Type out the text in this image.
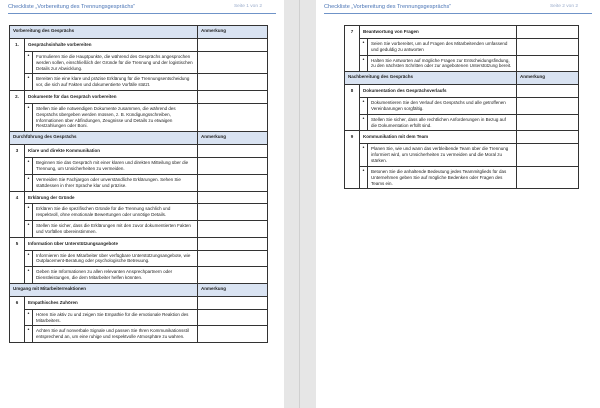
Checkliste „Vorbereitung des Trennungsgesprächs“	Seite 1 von 2
Vorbereitung des Gesprächs			Anmerkung
1.	Gesprächsinhalte vorbereiten		
	•	Formulieren Sie die Hauptpunkte, die während des Gesprächs angesprochen werden sollen, einschließlich der Gründe für die Trennung und der logistischen Details zur Abwicklung.	
	•	Bereiten Sie eine klare und präzise Erklärung für die Trennungsentscheidung vor, die sich auf Fakten und dokumentierte Vorfälle stützt.	
2.	Dokumente für das Gespräch vorbereiten		
	•	Stellen Sie alle notwendigen Dokumente zusammen, die während des Gesprächs übergeben werden müssen, z. B. Kündigungsschreiben, Informationen über Abfindungen, Zeugnisse und Details zu etwaigen Restzahlungen oder Boni.	
Durchführung des Gesprächs			Anmerkung
3	Klare und direkte Kommunikation		
	•	Beginnen Sie das Gespräch mit einer klaren und direkten Mitteilung über die Trennung, um Unsicherheiten zu vermeiden.	
	•	Vermeiden Sie Fachjargon oder unverständliche Erklärungen. Sehen Sie stattdessen in Ihrer Sprache klar und präzise.	
4	Erklärung der Gründe		
	•	Erklären Sie die spezifischen Gründe für die Trennung sachlich und respektvoll, ohne emotionale Bewertungen oder unnötige Details.	
	•	Stellen Sie sicher, dass die Erklärungen mit den zuvor dokumentierten Fakten und Vorfällen übereinstimmen.	
5	Information über Unterstützungsangebote		
	•	Informieren Sie den Mitarbeiter über verfügbare Unterstützungsangebote, wie Outplacement-Beratung oder psychologische Betreuung.	
	•	Geben Sie Informationen zu allen relevanten Ansprechpartnern oder Dienstleistungen, die dem Mitarbeiter helfen könnten.	
Umgang mit Mitarbeiterreaktionen			Anmerkung
6	Empathisches Zuhören		
	•	Hören Sie aktiv zu und zeigen Sie Empathie für die emotionale Reaktion des Mitarbeiters.	
	•	Achten Sie auf nonverbale Signale und passen Sie Ihren Kommunikationsstil entsprechend an, um eine ruhige und respektvolle Atmosphäre zu wahren.	
Checkliste „Vorbereitung des Trennungsgesprächs“	Seite 2 von 2
7	Beantwortung von Fragen		
	•	Seien Sie vorbereitet, um auf Fragen des Mitarbeitenden umfassend und geduldig zu antworten	
	•	Halten Sie Antworten auf mögliche Fragen zur Entscheidungsfindung, zu den nächsten Schritten oder zur angebotenen Unterstützung bereit.	
Nachbereitung des Gesprächs			Anmerkung
8	Dokumentation des Gesprächsverlaufs		
	•	Dokumentieren Sie den Verlauf des Gesprächs und alle getroffenen Vereinbarungen sorgfältig.	
	•	Stellen Sie sicher, dass alle rechtlichen Anforderungen in Bezug auf die Dokumentation erfüllt sind.	
9	Kommunikation mit dem Team		
	•	Planen Sie, wie und wann das verbleibende Team über die Trennung informiert wird, um Unsicherheiten zu vermeiden und die Moral zu stärken.	
	•	Betonen Sie die anhaltende Bedeutung jedes Teammitglieds für das Unternehmen geben Sie auf mögliche Bedenken oder Fragen des Teams ein.	
